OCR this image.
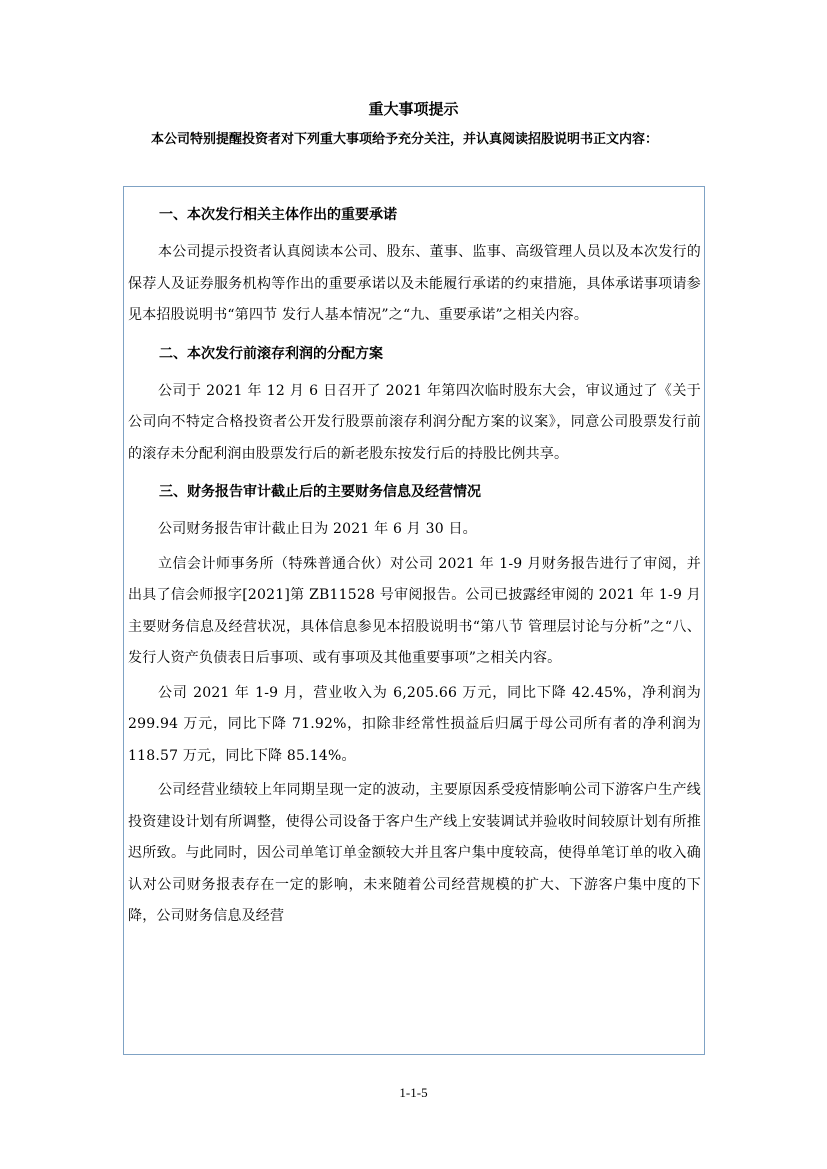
重大事项提示
本公司特别提醒投资者对下列重大事项给予充分关注，并认真阅读招股说明书正文内容：
一、本次发行相关主体作出的重要承诺

本公司提示投资者认真阅读本公司、股东、董事、监事、高级管理人员以及本次发行的保荐人及证券服务机构等作出的重要承诺以及未能履行承诺的约束措施，具体承诺事项请参见本招股说明书“第四节 发行人基本情况”之“九、重要承诺”之相关内容。

二、本次发行前滚存利润的分配方案

公司于 2021 年 12 月 6 日召开了 2021 年第四次临时股东大会，审议通过了《关于公司向不特定合格投资者公开发行股票前滚存利润分配方案的议案》，同意公司股票发行前的滚存未分配利润由股票发行后的新老股东按发行后的持股比例共享。

三、财务报告审计截止后的主要财务信息及经营情况

公司财务报告审计截止日为 2021 年 6 月 30 日。

立信会计师事务所（特殊普通合伙）对公司 2021 年 1-9 月财务报告进行了审阅，并出具了信会师报字[2021]第 ZB11528 号审阅报告。公司已披露经审阅的 2021 年 1-9 月主要财务信息及经营状况，具体信息参见本招股说明书“第八节 管理层讨论与分析”之“八、发行人资产负债表日后事项、或有事项及其他重要事项”之相关内容。

公司 2021 年 1-9 月，营业收入为 6,205.66 万元，同比下降 42.45%，净利润为 299.94 万元，同比下降 71.92%，扣除非经常性损益后归属于母公司所有者的净利润为 118.57 万元，同比下降 85.14%。

公司经营业绩较上年同期呈现一定的波动，主要原因系受疫情影响公司下游客户生产线投资建设计划有所调整，使得公司设备于客户生产线上安装调试并验收时间较原计划有所推迟所致。与此同时，因公司单笔订单金额较大并且客户集中度较高，使得单笔订单的收入确认对公司财务报表存在一定的影响，未来随着公司经营规模的扩大、下游客户集中度的下降，公司财务信息及经营

1-1-5
